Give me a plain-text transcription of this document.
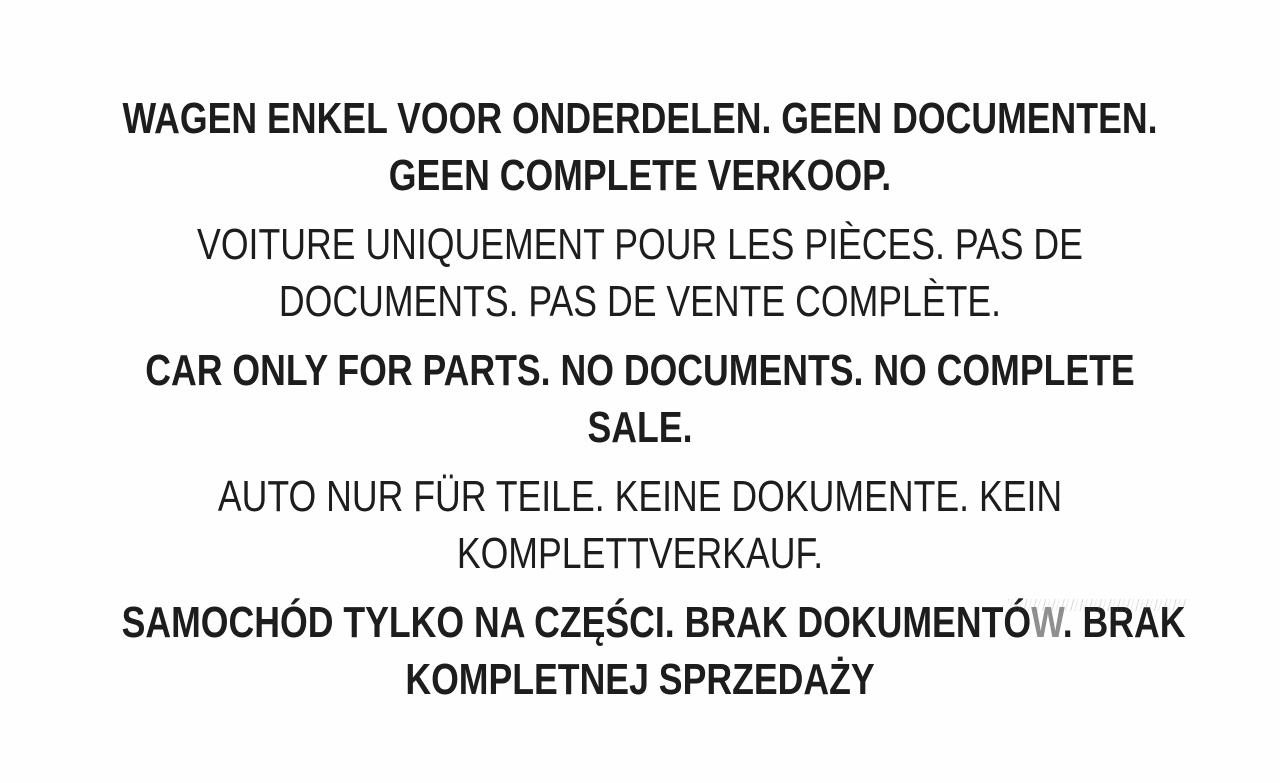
WAGEN ENKEL VOOR ONDERDELEN. GEEN DOCUMENTEN.
GEEN COMPLETE VERKOOP.

VOITURE UNIQUEMENT POUR LES PIÈCES. PAS DE
DOCUMENTS. PAS DE VENTE COMPLÈTE.

CAR ONLY FOR PARTS. NO DOCUMENTS. NO COMPLETE
SALE.

AUTO NUR FÜR TEILE. KEINE DOKUMENTE. KEIN
KOMPLETTVERKAUF.

SAMOCHÓD TYLKO NA CZĘŚCI. BRAK DOKUMENTÓW. BRAK
KOMPLETNEJ SPRZEDAŻY
